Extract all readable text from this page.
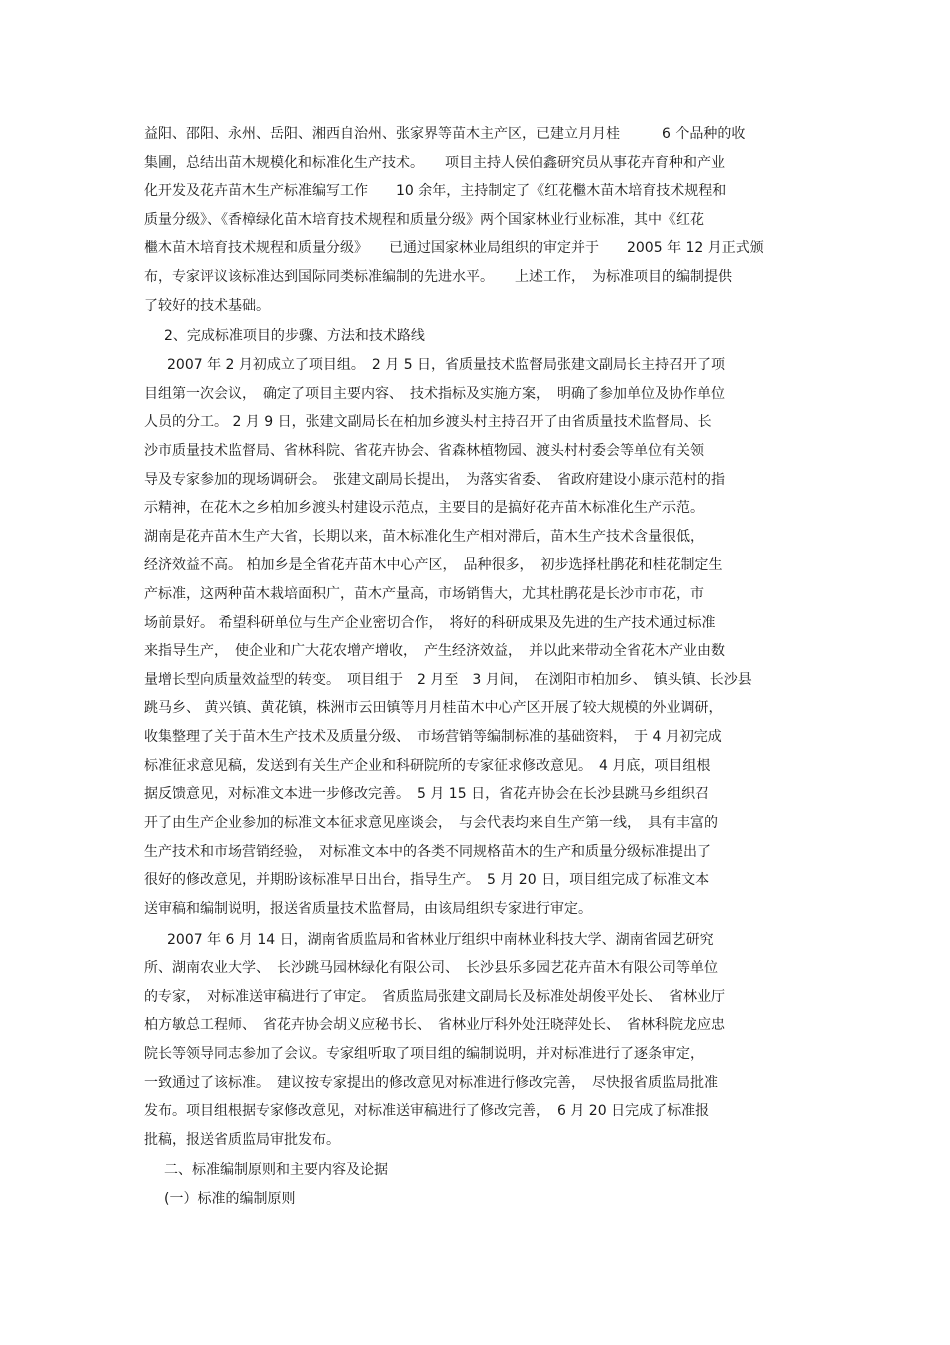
益阳、邵阳、永州、岳阳、湘西自治州、张家界等苗木主产区，已建立月月桂　　　6 个品种的收
集圃，总结出苗木规模化和标准化生产技术。　　项目主持人侯伯鑫研究员从事花卉育种和产业
化开发及花卉苗木生产标准编写工作　　10 余年，主持制定了《红花檵木苗木培育技术规程和
质量分级》、《香樟绿化苗木培育技术规程和质量分级》两个国家林业行业标准，其中《红花
檵木苗木培育技术规程和质量分级》　　已通过国家林业局组织的审定并于　　2005 年 12 月正式颁
布，专家评议该标准达到国际同类标准编制的先进水平。　　上述工作，　为标准项目的编制提供
了较好的技术基础。
2、完成标准项目的步骤、方法和技术路线
2007 年 2 月初成立了项目组。　2 月 5 日，省质量技术监督局张建文副局长主持召开了项
目组第一次会议，　确定了项目主要内容、　技术指标及实施方案，　明确了参加单位及协作单位
人员的分工。 2 月 9 日，张建文副局长在柏加乡渡头村主持召开了由省质量技术监督局、长
沙市质量技术监督局、省林科院、省花卉协会、省森林植物园、渡头村村委会等单位有关领
导及专家参加的现场调研会。　张建文副局长提出，　为落实省委、　省政府建设小康示范村的指
示精神，在花木之乡柏加乡渡头村建设示范点，主要目的是搞好花卉苗木标准化生产示范。
湖南是花卉苗木生产大省，长期以来，苗木标准化生产相对滞后，苗木生产技术含量很低，
经济效益不高。 柏加乡是全省花卉苗木中心产区，　品种很多，　初步选择杜鹃花和桂花制定生
产标准，这两种苗木栽培面积广，苗木产量高，市场销售大，尤其杜鹃花是长沙市市花，市
场前景好。 希望科研单位与生产企业密切合作，　将好的科研成果及先进的生产技术通过标准
来指导生产，　使企业和广大花农增产增收，　产生经济效益，　并以此来带动全省花木产业由数
量增长型向质量效益型的转变。　项目组于　2 月至　3 月间，　在浏阳市柏加乡、　镇头镇、长沙县
跳马乡、 黄兴镇、黄花镇，株洲市云田镇等月月桂苗木中心产区开展了较大规模的外业调研，
收集整理了关于苗木生产技术及质量分级、　市场营销等编制标准的基础资料，　于 4 月初完成
标准征求意见稿，发送到有关生产企业和科研院所的专家征求修改意见。　4 月底，项目组根
据反馈意见，对标准文本进一步修改完善。　5 月 15 日，省花卉协会在长沙县跳马乡组织召
开了由生产企业参加的标准文本征求意见座谈会，　与会代表均来自生产第一线，　具有丰富的
生产技术和市场营销经验，　对标准文本中的各类不同规格苗木的生产和质量分级标准提出了
很好的修改意见，并期盼该标准早日出台，指导生产。　5 月 20 日，项目组完成了标准文本
送审稿和编制说明，报送省质量技术监督局，由该局组织专家进行审定。
2007 年 6 月 14 日，湖南省质监局和省林业厅组织中南林业科技大学、湖南省园艺研究
所、湖南农业大学、　长沙跳马园林绿化有限公司、　长沙县乐多园艺花卉苗木有限公司等单位
的专家，　对标准送审稿进行了审定。　省质监局张建文副局长及标准处胡俊平处长、　省林业厅
柏方敏总工程师、　省花卉协会胡义应秘书长、　省林业厅科外处汪晓萍处长、　省林科院龙应忠
院长等领导同志参加了会议。专家组听取了项目组的编制说明，并对标准进行了逐条审定，
一致通过了该标准。　建议按专家提出的修改意见对标准进行修改完善，　尽快报省质监局批准
发布。项目组根据专家修改意见，对标准送审稿进行了修改完善，　6 月 20 日完成了标准报
批稿，报送省质监局审批发布。
二、标准编制原则和主要内容及论据
(一）标准的编制原则
